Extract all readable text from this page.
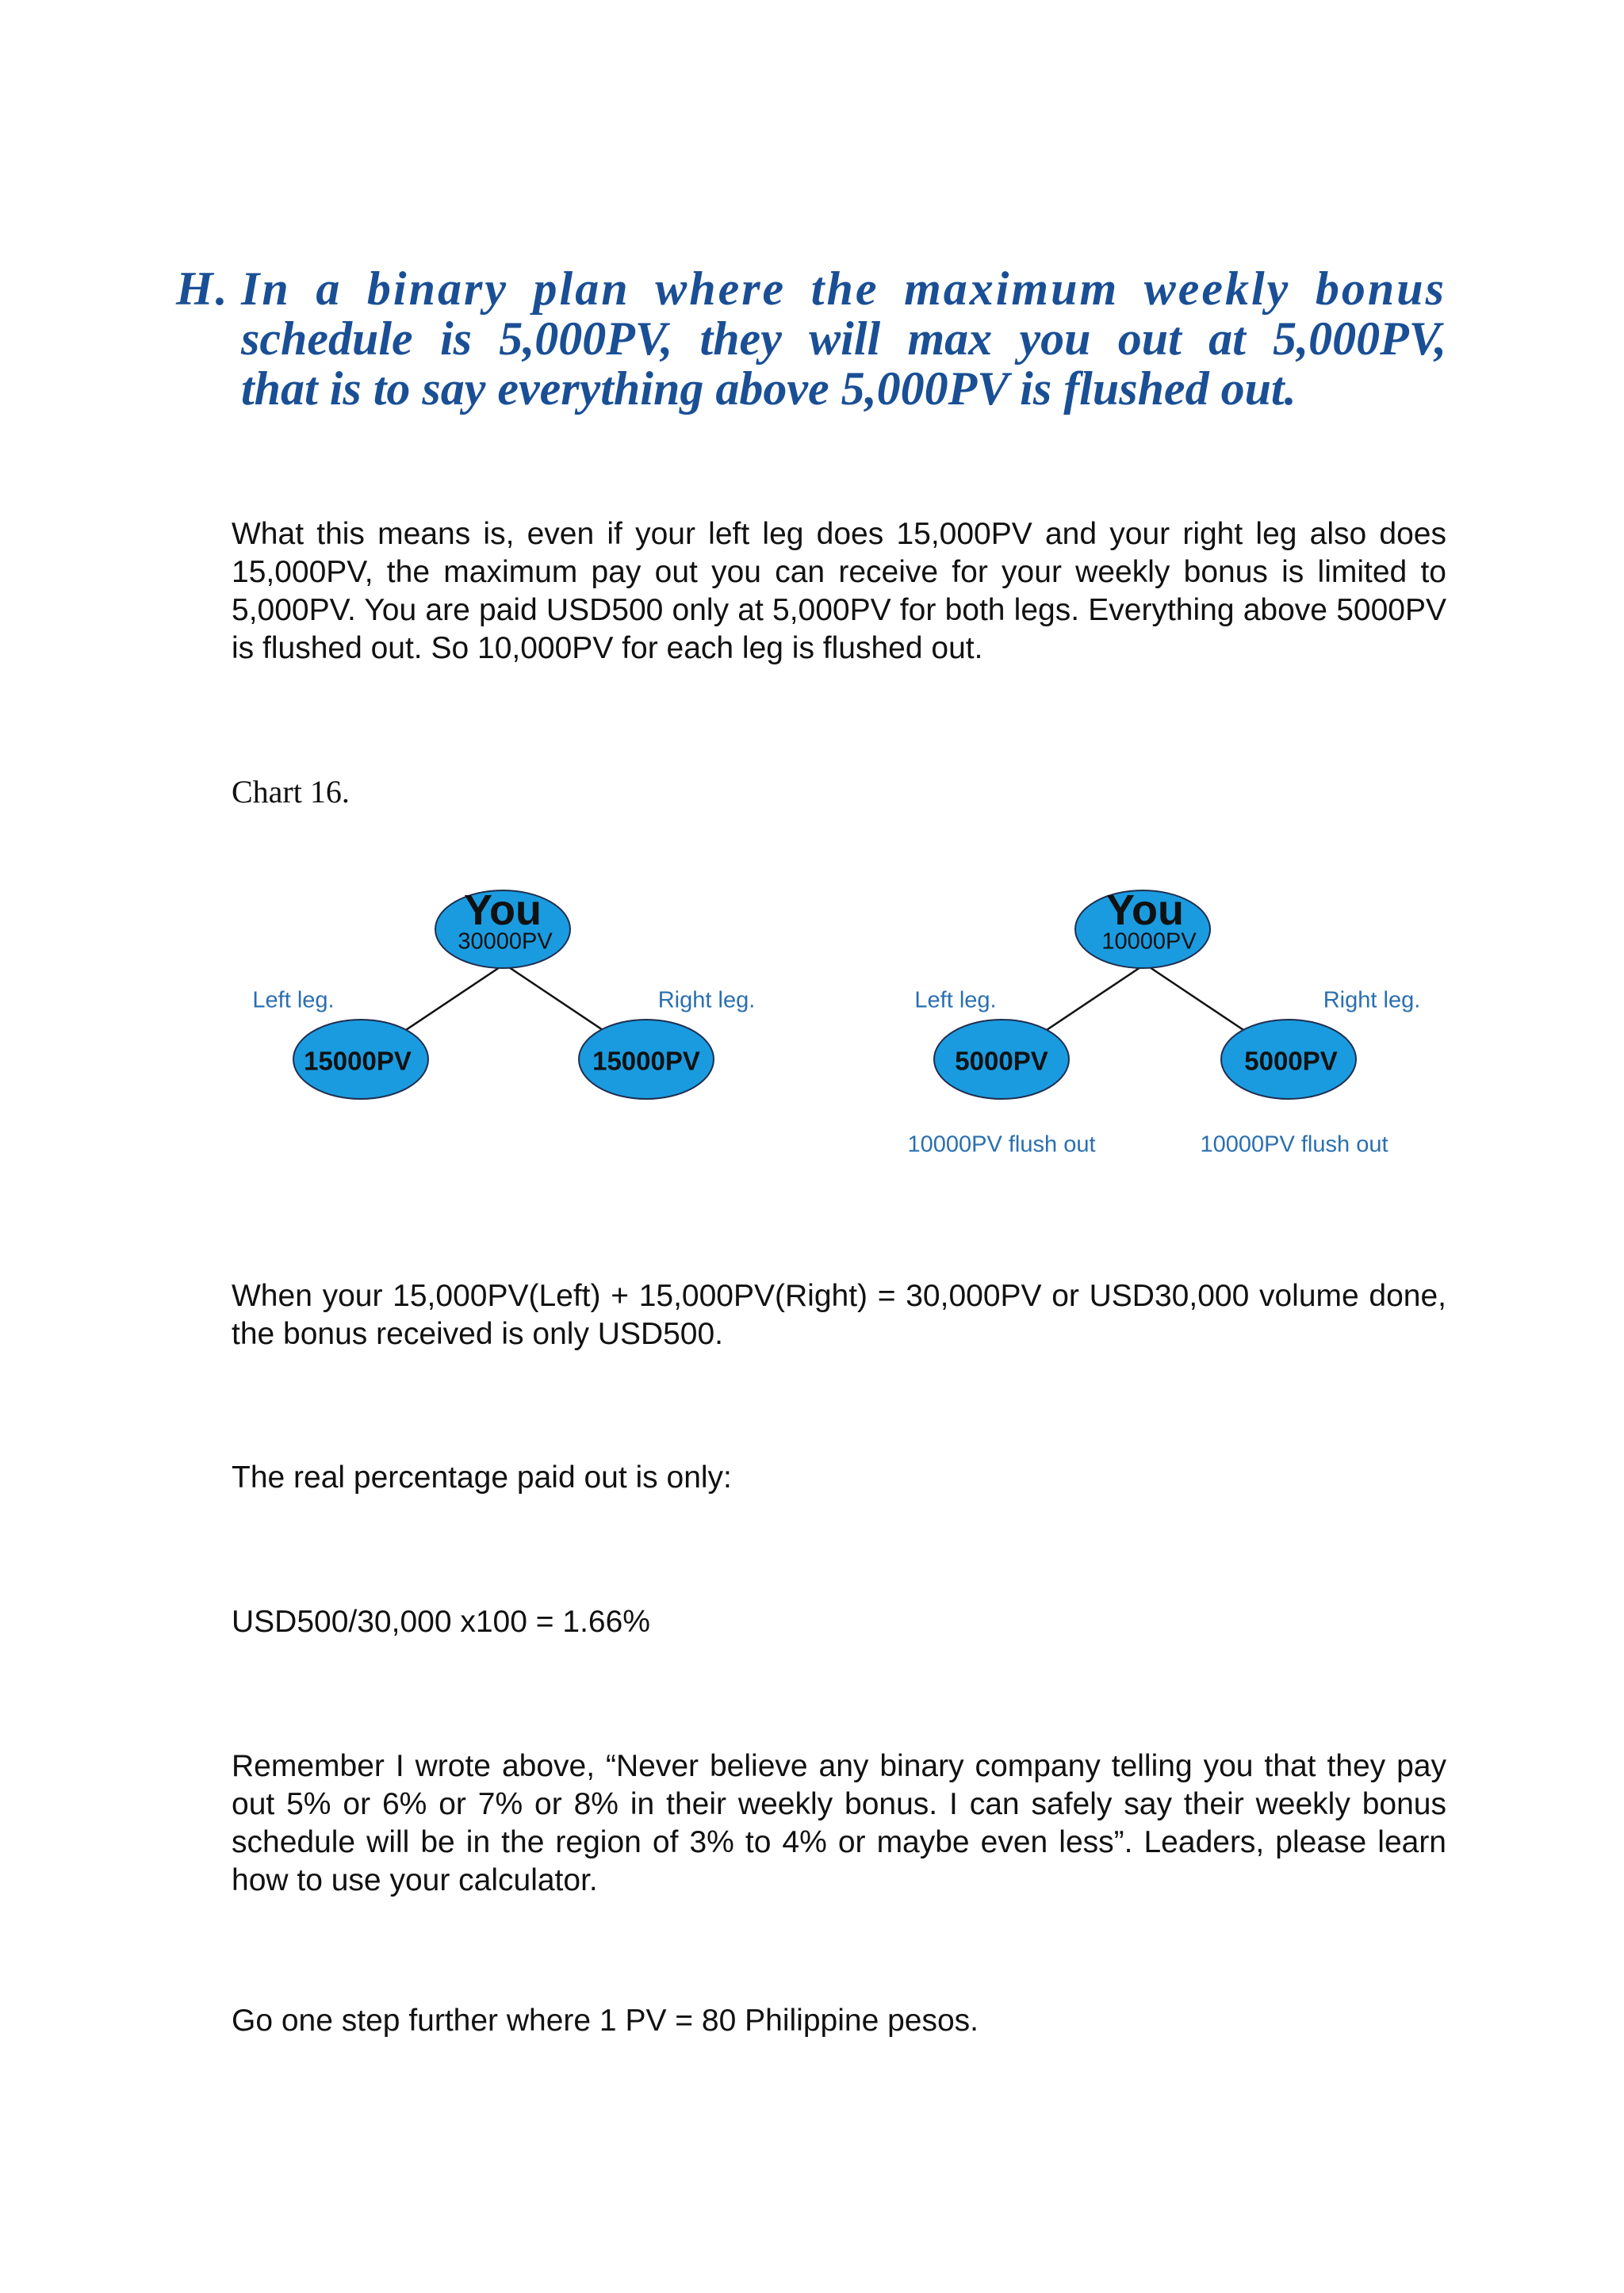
H. In a binary plan where the maximum weekly bonus
schedule is 5,000PV, they will max you out at 5,000PV,
that is to say everything above 5,000PV is flushed out.

What this means is, even if your left leg does 15,000PV and your right leg also does 15,000PV, the maximum pay out you can receive for your weekly bonus is limited to 5,000PV. You are paid USD500 only at 5,000PV for both legs. Everything above 5000PV is flushed out. So 10,000PV for each leg is flushed out.

Chart 16.

You
30000PV
Left leg.	Right leg.
15000PV	15000PV
You
10000PV
Left leg.	Right leg.
5000PV	5000PV
10000PV flush out	10000PV flush out

When your 15,000PV(Left) + 15,000PV(Right) = 30,000PV or USD30,000 volume done, the bonus received is only USD500.

The real percentage paid out is only:

USD500/30,000 x100 = 1.66%

Remember I wrote above, “Never believe any binary company telling you that they pay out 5% or 6% or 7% or 8% in their weekly bonus. I can safely say their weekly bonus schedule will be in the region of 3% to 4% or maybe even less”. Leaders, please learn how to use your calculator.

Go one step further where 1 PV = 80 Philippine pesos.
